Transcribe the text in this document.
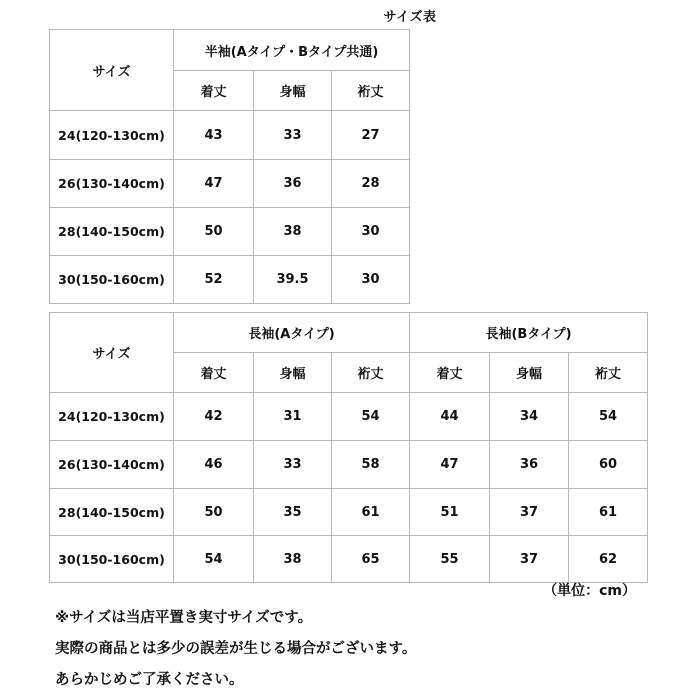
サイズ表
サイズ	半袖(Aタイプ・Bタイプ共通)		
	着丈	身幅	裄丈
24(120-130cm)	43	33	27
26(130-140cm)	47	36	28
28(140-150cm)	50	38	30
30(150-160cm)	52	39.5	30
サイズ	長袖(Aタイプ)			長袖(Bタイプ)		
	着丈	身幅	裄丈	着丈	身幅	裄丈
24(120-130cm)	42	31	54	44	34	54
26(130-140cm)	46	33	58	47	36	60
28(140-150cm)	50	35	61	51	37	61
30(150-160cm)	54	38	65	55	37	62
（単位：cm）
※サイズは当店平置き実寸サイズです。
実際の商品とは多少の誤差が生じる場合がございます。
あらかじめご了承ください。
